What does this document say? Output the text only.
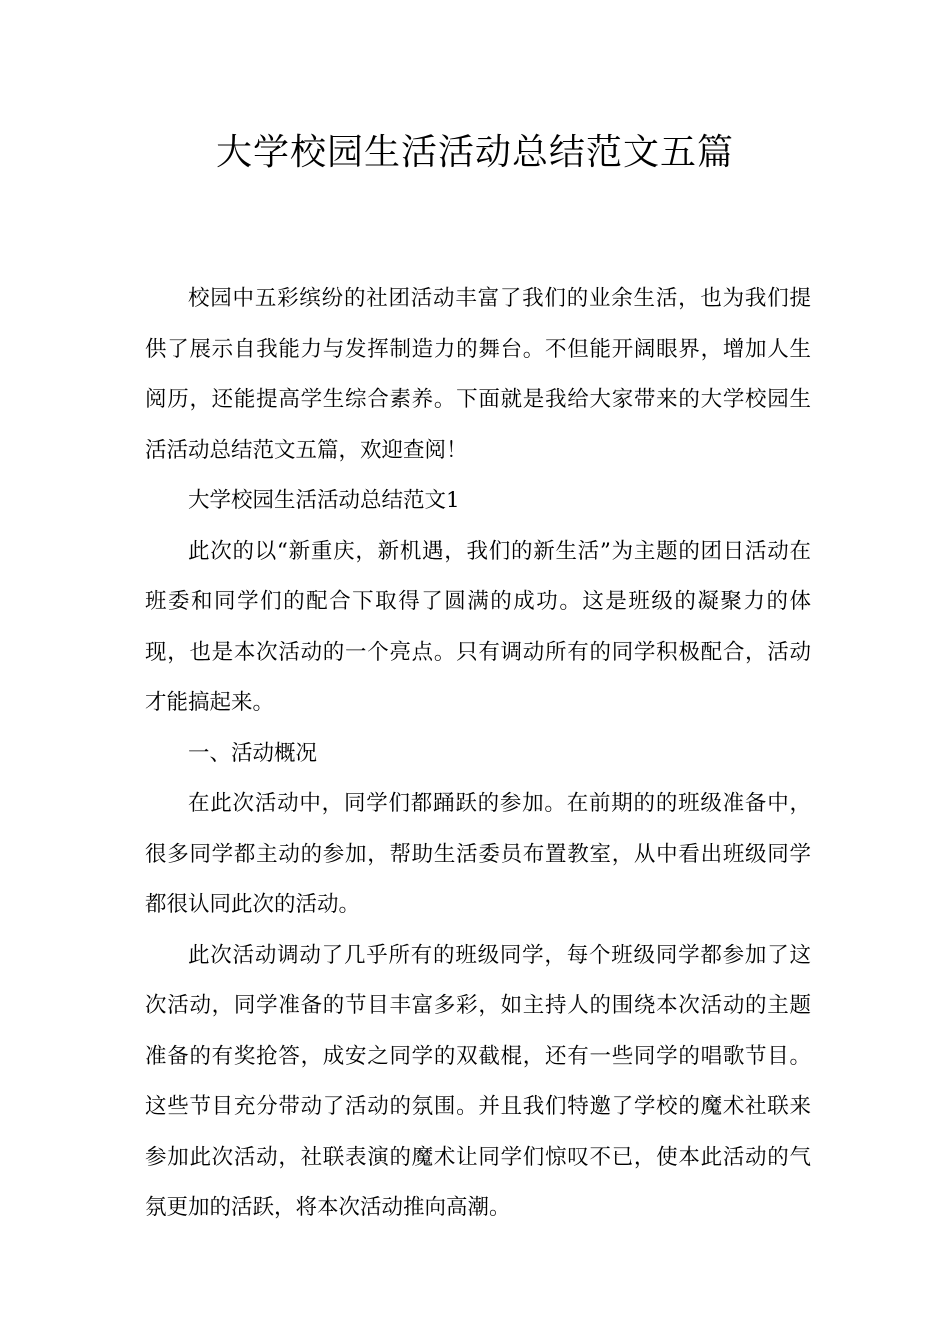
大学校园生活活动总结范文五篇

校园中五彩缤纷的社团活动丰富了我们的业余生活，也为我们提供了展示自我能力与发挥制造力的舞台。不但能开阔眼界，增加人生阅历，还能提高学生综合素养。下面就是我给大家带来的大学校园生活活动总结范文五篇，欢迎查阅！

大学校园生活活动总结范文1

此次的以“新重庆，新机遇，我们的新生活”为主题的团日活动在班委和同学们的配合下取得了圆满的成功。这是班级的凝聚力的体现，也是本次活动的一个亮点。只有调动所有的同学积极配合，活动才能搞起来。

一、活动概况

在此次活动中，同学们都踊跃的参加。在前期的的班级准备中，很多同学都主动的参加，帮助生活委员布置教室，从中看出班级同学都很认同此次的活动。

此次活动调动了几乎所有的班级同学，每个班级同学都参加了这次活动，同学准备的节目丰富多彩，如主持人的围绕本次活动的主题准备的有奖抢答，成安之同学的双截棍，还有一些同学的唱歌节目。这些节目充分带动了活动的氛围。并且我们特邀了学校的魔术社联来参加此次活动，社联表演的魔术让同学们惊叹不已，使本此活动的气氛更加的活跃，将本次活动推向高潮。
